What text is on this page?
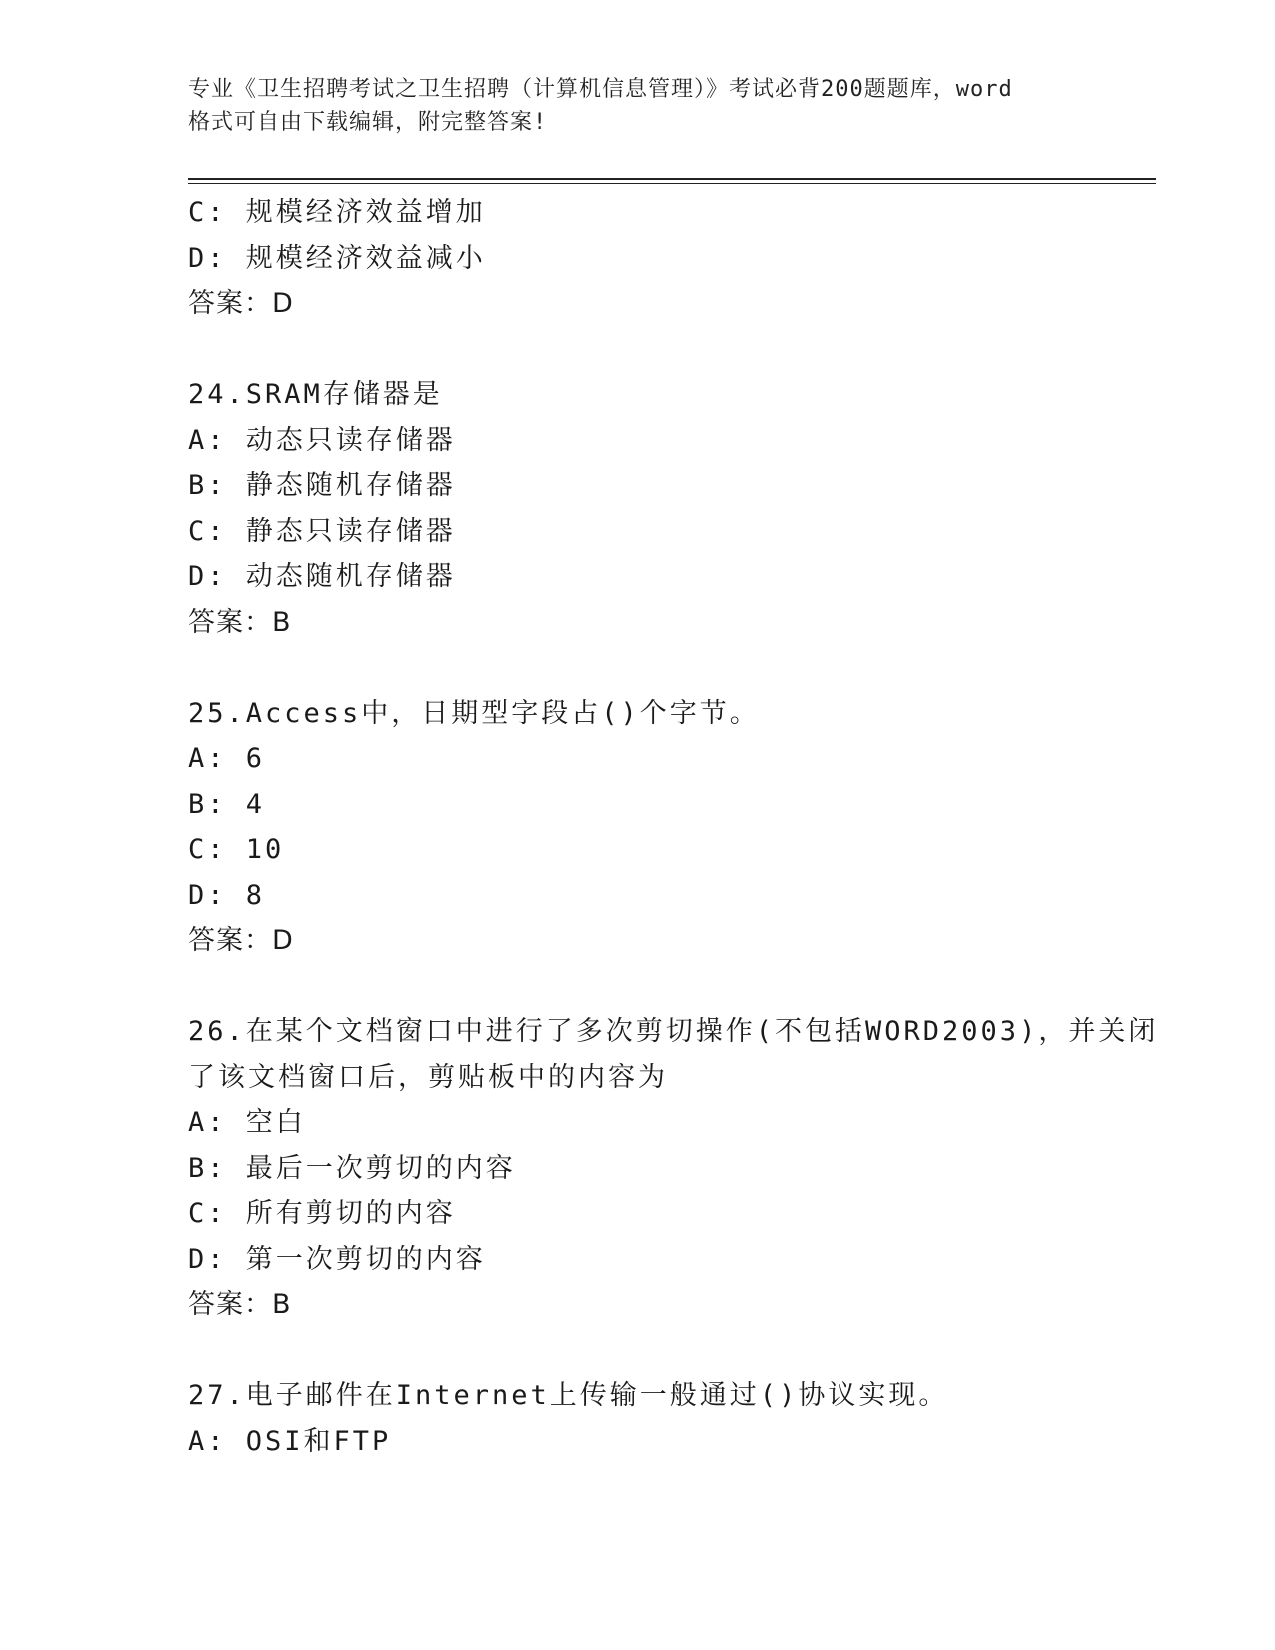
专业《卫生招聘考试之卫生招聘（计算机信息管理）》考试必背200题题库，word
格式可自由下载编辑，附完整答案!
C: 规模经济效益增加
D: 规模经济效益减小
答案：D
24.SRAM存储器是
A: 动态只读存储器
B: 静态随机存储器
C: 静态只读存储器
D: 动态随机存储器
答案：B
25.Access中，日期型字段占()个字节。
A: 6
B: 4
C: 10
D: 8
答案：D
26.在某个文档窗口中进行了多次剪切操作(不包括WORD2003)，并关闭
了该文档窗口后，剪贴板中的内容为
A: 空白
B: 最后一次剪切的内容
C: 所有剪切的内容
D: 第一次剪切的内容
答案：B
27.电子邮件在Internet上传输一般通过()协议实现。
A: OSI和FTP
